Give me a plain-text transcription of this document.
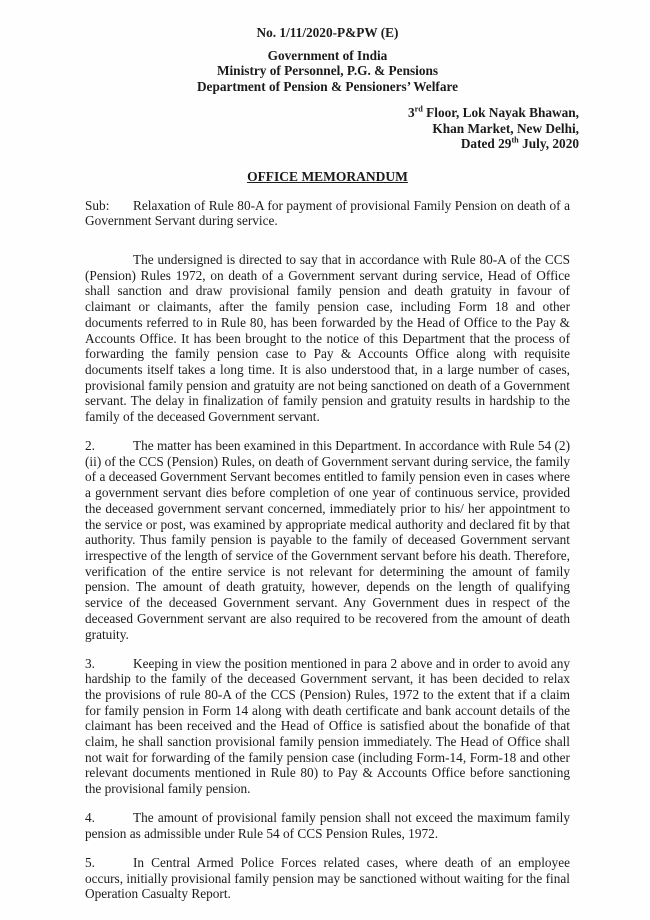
No. 1/11/2020-P&PW (E)
Government of India
Ministry of Personnel, P.G. & Pensions
Department of Pension & Pensioners’ Welfare
3rd Floor, Lok Nayak Bhawan,
Khan Market, New Delhi,
Dated 29th July, 2020
OFFICE MEMORANDUM

Sub: Relaxation of Rule 80-A for payment of provisional Family Pension on death of a Government Servant during service.

The undersigned is directed to say that in accordance with Rule 80-A of the CCS (Pension) Rules 1972, on death of a Government servant during service, Head of Office shall sanction and draw provisional family pension and death gratuity in favour of claimant or claimants, after the family pension case, including Form 18 and other documents referred to in Rule 80, has been forwarded by the Head of Office to the Pay & Accounts Office. It has been brought to the notice of this Department that the process of forwarding the family pension case to Pay & Accounts Office along with requisite documents itself takes a long time. It is also understood that, in a large number of cases, provisional family pension and gratuity are not being sanctioned on death of a Government servant. The delay in finalization of family pension and gratuity results in hardship to the family of the deceased Government servant.

2.	The matter has been examined in this Department. In accordance with Rule 54 (2) (ii) of the CCS (Pension) Rules, on death of Government servant during service, the family of a deceased Government Servant becomes entitled to family pension even in cases where a government servant dies before completion of one year of continuous service, provided the deceased government servant concerned, immediately prior to his/ her appointment to the service or post, was examined by appropriate medical authority and declared fit by that authority. Thus family pension is payable to the family of deceased Government servant irrespective of the length of service of the Government servant before his death. Therefore, verification of the entire service is not relevant for determining the amount of family pension. The amount of death gratuity, however, depends on the length of qualifying service of the deceased Government servant. Any Government dues in respect of the deceased Government servant are also required to be recovered from the amount of death gratuity.

3.	Keeping in view the position mentioned in para 2 above and in order to avoid any hardship to the family of the deceased Government servant, it has been decided to relax the provisions of rule 80-A of the CCS (Pension) Rules, 1972 to the extent that if a claim for family pension in Form 14 along with death certificate and bank account details of the claimant has been received and the Head of Office is satisfied about the bonafide of that claim, he shall sanction provisional family pension immediately. The Head of Office shall not wait for forwarding of the family pension case (including Form-14, Form-18 and other relevant documents mentioned in Rule 80) to Pay & Accounts Office before sanctioning the provisional family pension.

4.	The amount of provisional family pension shall not exceed the maximum family pension as admissible under Rule 54 of CCS Pension Rules, 1972.

5.	In Central Armed Police Forces related cases, where death of an employee occurs, initially provisional family pension may be sanctioned without waiting for the final Operation Casualty Report.
